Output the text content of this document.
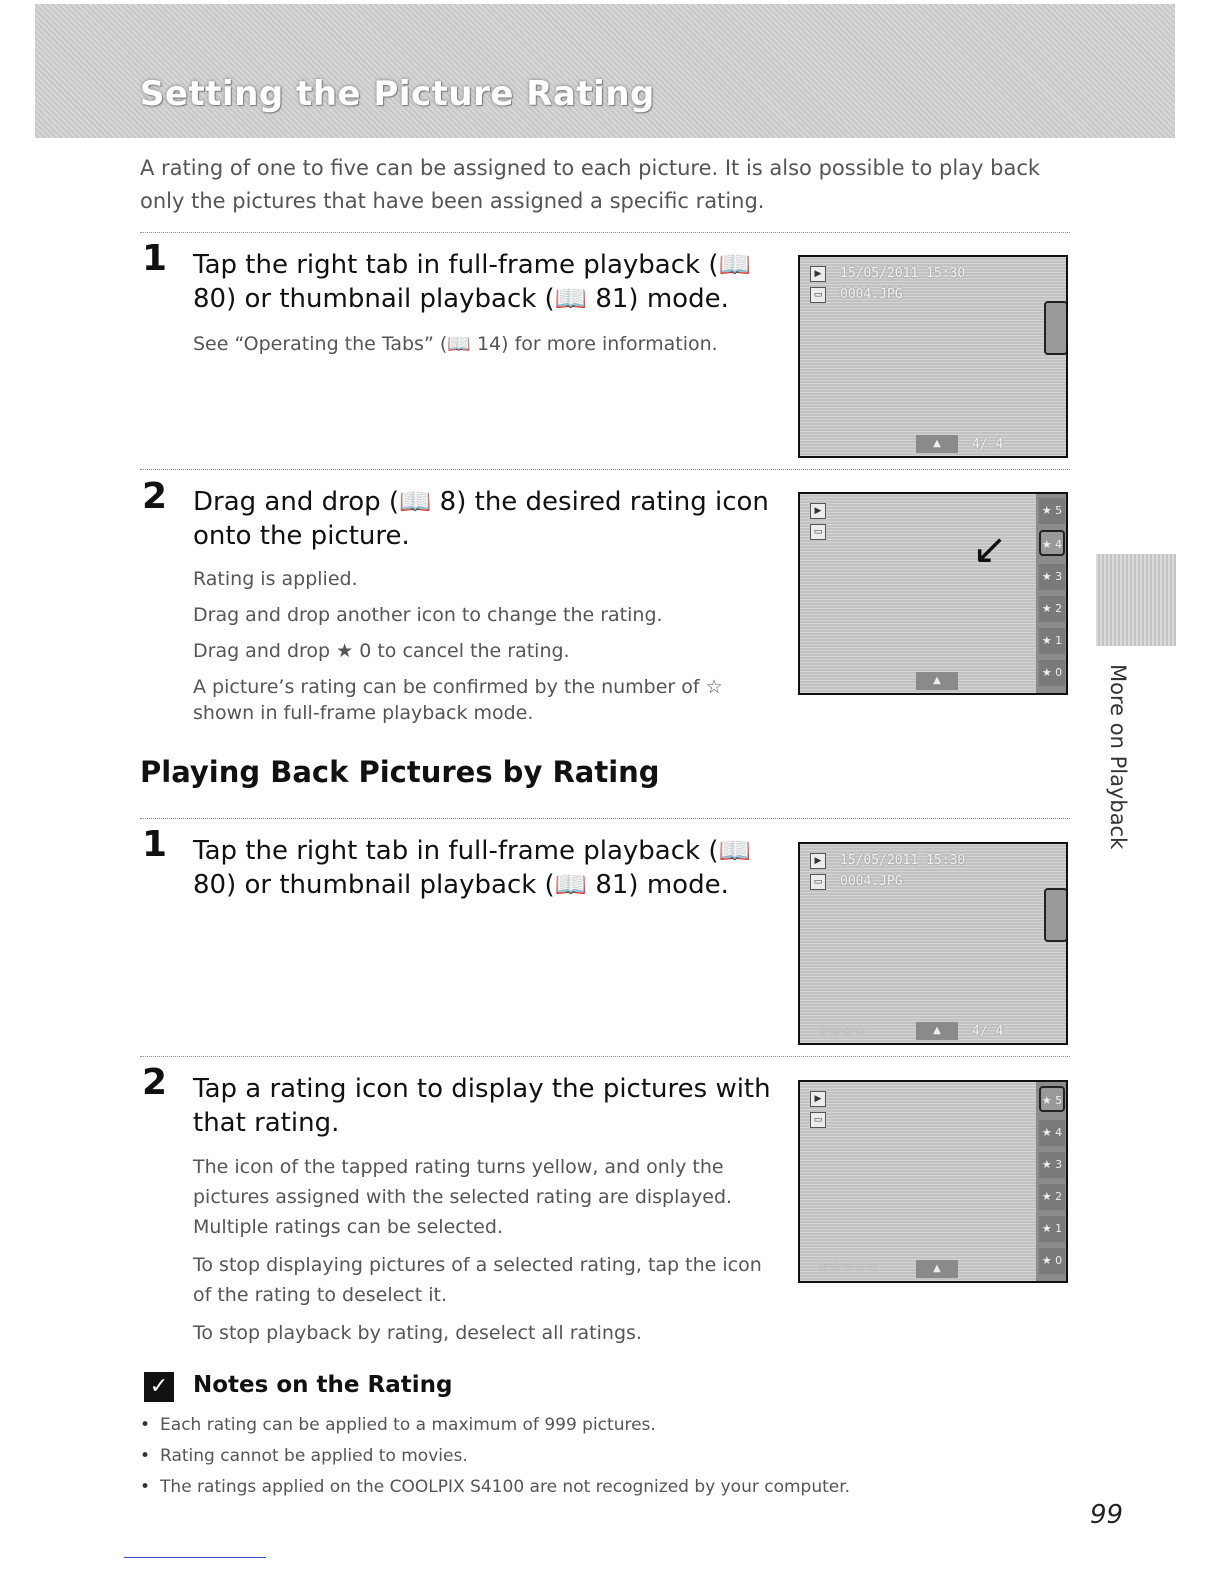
Setting the Picture Rating
A rating of one to five can be assigned to each picture. It is also possible to play back only the pictures that have been assigned a specific rating.
1 Tap the right tab in full-frame playback (📖 80) or thumbnail playback (📖 81) mode.

See “Operating the Tabs” (📖 14) for more information.

▶	15/05/2011 15:30
▭ 0004.JPG
▲	4/ 4
2 Drag and drop (📖 8) the desired rating icon onto the picture.

Rating is applied.

Drag and drop another icon to change the rating.

Drag and drop ★ 0 to cancel the rating.

A picture’s rating can be confirmed by the number of ☆ shown in full-frame playback mode.

▶
▭
★ 5
★ 4
★ 3
★ 2
★ 1
★ 0
↙
▲
Playing Back Pictures by Rating
1 Tap the right tab in full-frame playback (📖 80) or thumbnail playback (📖 81) mode.
▶	15/05/2011 15:30
▭ 0004.JPG
☆☆☆☆	▲	4/ 4
2 Tap a rating icon to display the pictures with that rating.

The icon of the tapped rating turns yellow, and only the pictures assigned with the selected rating are displayed. Multiple ratings can be selected.

To stop displaying pictures of a selected rating, tap the icon of the rating to deselect it.

To stop playback by rating, deselect all ratings.

▶
▭
★ 5
★ 4
★ 3
★ 2
★ 1
★ 0
☆☆☆☆☆	▲
✓ Notes on the Rating
• Each rating can be applied to a maximum of 999 pictures.
• Rating cannot be applied to movies.
• The ratings applied on the COOLPIX S4100 are not recognized by your computer.
More on Playback
99
